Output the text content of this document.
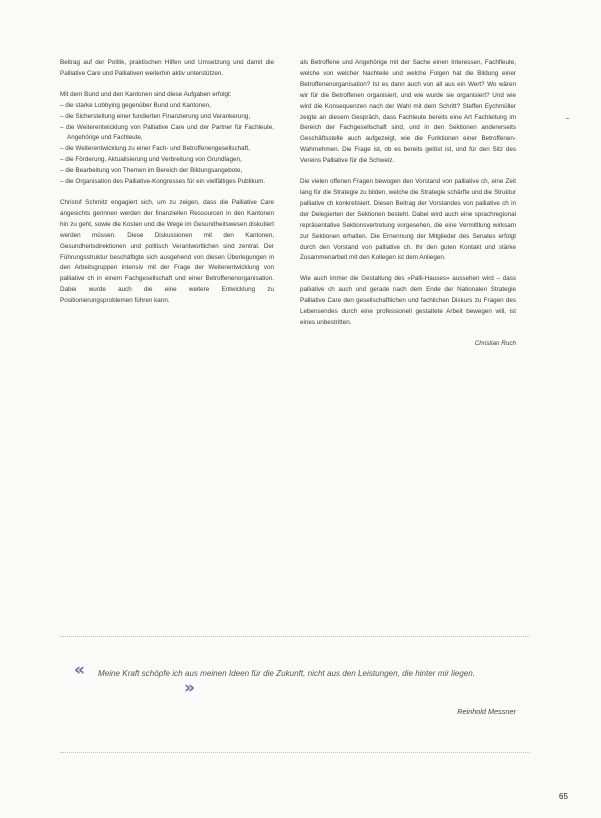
Beitrag auf der Politik, praktischen Hilfen und Umsetzung und damit die Palliative Care und Palliativen weiterhin aktiv unterstützen.

Mit dem Bund und den Kantonen sind diese Aufgaben erfolgt:

– die starke Lobbying gegenüber Bund und Kantonen,
– die Sicherstellung einer fundierten Finanzierung und Verankerung,
– die Weiterentwicklung von Palliative Care und der Partner für Fachleute, Angehörige und Fachleute,
– die Weiterentwicklung zu einer Fach- und Betroffenengesellschaft,
– die Förderung, Aktualisierung und Verbreitung von Grundlagen,
– die Bearbeitung von Themen im Bereich der Bildungsangebote,
– die Organisation des Palliative-Kongresses für ein vielfältiges Publikum.

Christof Schmitz engagiert sich, um zu zeigen, dass die Palliative Care angesichts gerinnen werden der finanziellen Ressourcen in den Kantonen hin zu geht, sowie die Kosten und die Wege im Gesundheitswesen diskutiert werden müssen. Diese Diskussionen mit den Kantonen, Gesundheitsdirektionen und politisch Verantwortlichen sind zentral. Der Führungsstruktur beschäftigte sich ausgehend von diesen Überlegungen in den Arbeitsgruppen intensiv mit der Frage der Weiterentwicklung von palliative ch in einem Fachgesellschaft und einer Betroffenenorganisation. Dabei wurde auch die eine weitere Entwicklung zu Positionierungsproblemen führen kann.

als Betroffene und Angehörige mit der Sache einen Interessen, Fachfleute, welche von welcher Nachteile und welche Folgen hat die Bildung einer Betroffenenorganisation? Ist es dann auch von all aus ein Wert? Wo wären wir für die Betroffenen organisiert, und wie wurde sie organisiert? Und wie wird die Konsequenzen nach der Wahl mit dem Schritt? Steffen Eychmüller zeigte an diesem Gespräch, dass Fachleute bereits eine Art Fachleitung im Bereich der Fachgesellschaft sind, und in den Sektionen andererseits Geschäftsstelle auch aufgezeigt, wie die Funktionen einer Betroffenen-Wahrnehmen. Die Frage ist, ob es bereits gelöst ist, und für den Sitz des Vereins Palliative für die Schweiz.

Die vielen offenen Fragen bewogen den Vorstand von palliative ch, eine Zeit lang für die Strategie zu bilden, welche die Strategie schärfte und die Struktur palliative ch konkretisiert. Diesen Beitrag der Vorstandes von palliative ch in der Delegierten der Sektionen besteht. Dabei wird auch eine sprachregional repräsentative Sektionsvertretung vorgesehen, die eine Vermittlung wirksam zur Sektionen erhalten. Die Ernennung der Mitglieder des Senates erfolgt durch den Vorstand von palliative ch. Ihr den guten Kontakt und stärke Zusammenarbeit mit den Kollegen ist dem Anliegen.

Wie auch immer die Gestaltung des «Palli-Hauses» aussehen wird – dass palliative ch auch und gerade nach dem Ende der Nationalen Strategie Palliative Care den gesellschaftlichen und fachlichen Diskurs zu Fragen des Lebensendes durch eine professionell gestaltete Arbeit bewegen will, ist eines unbestritten.

Christian Ruch
« Meine Kraft schöpfe ich aus meinen Ideen für die Zukunft, nicht aus den Leistungen, die hinter mir liegen.
»
Reinhold Messner
65
